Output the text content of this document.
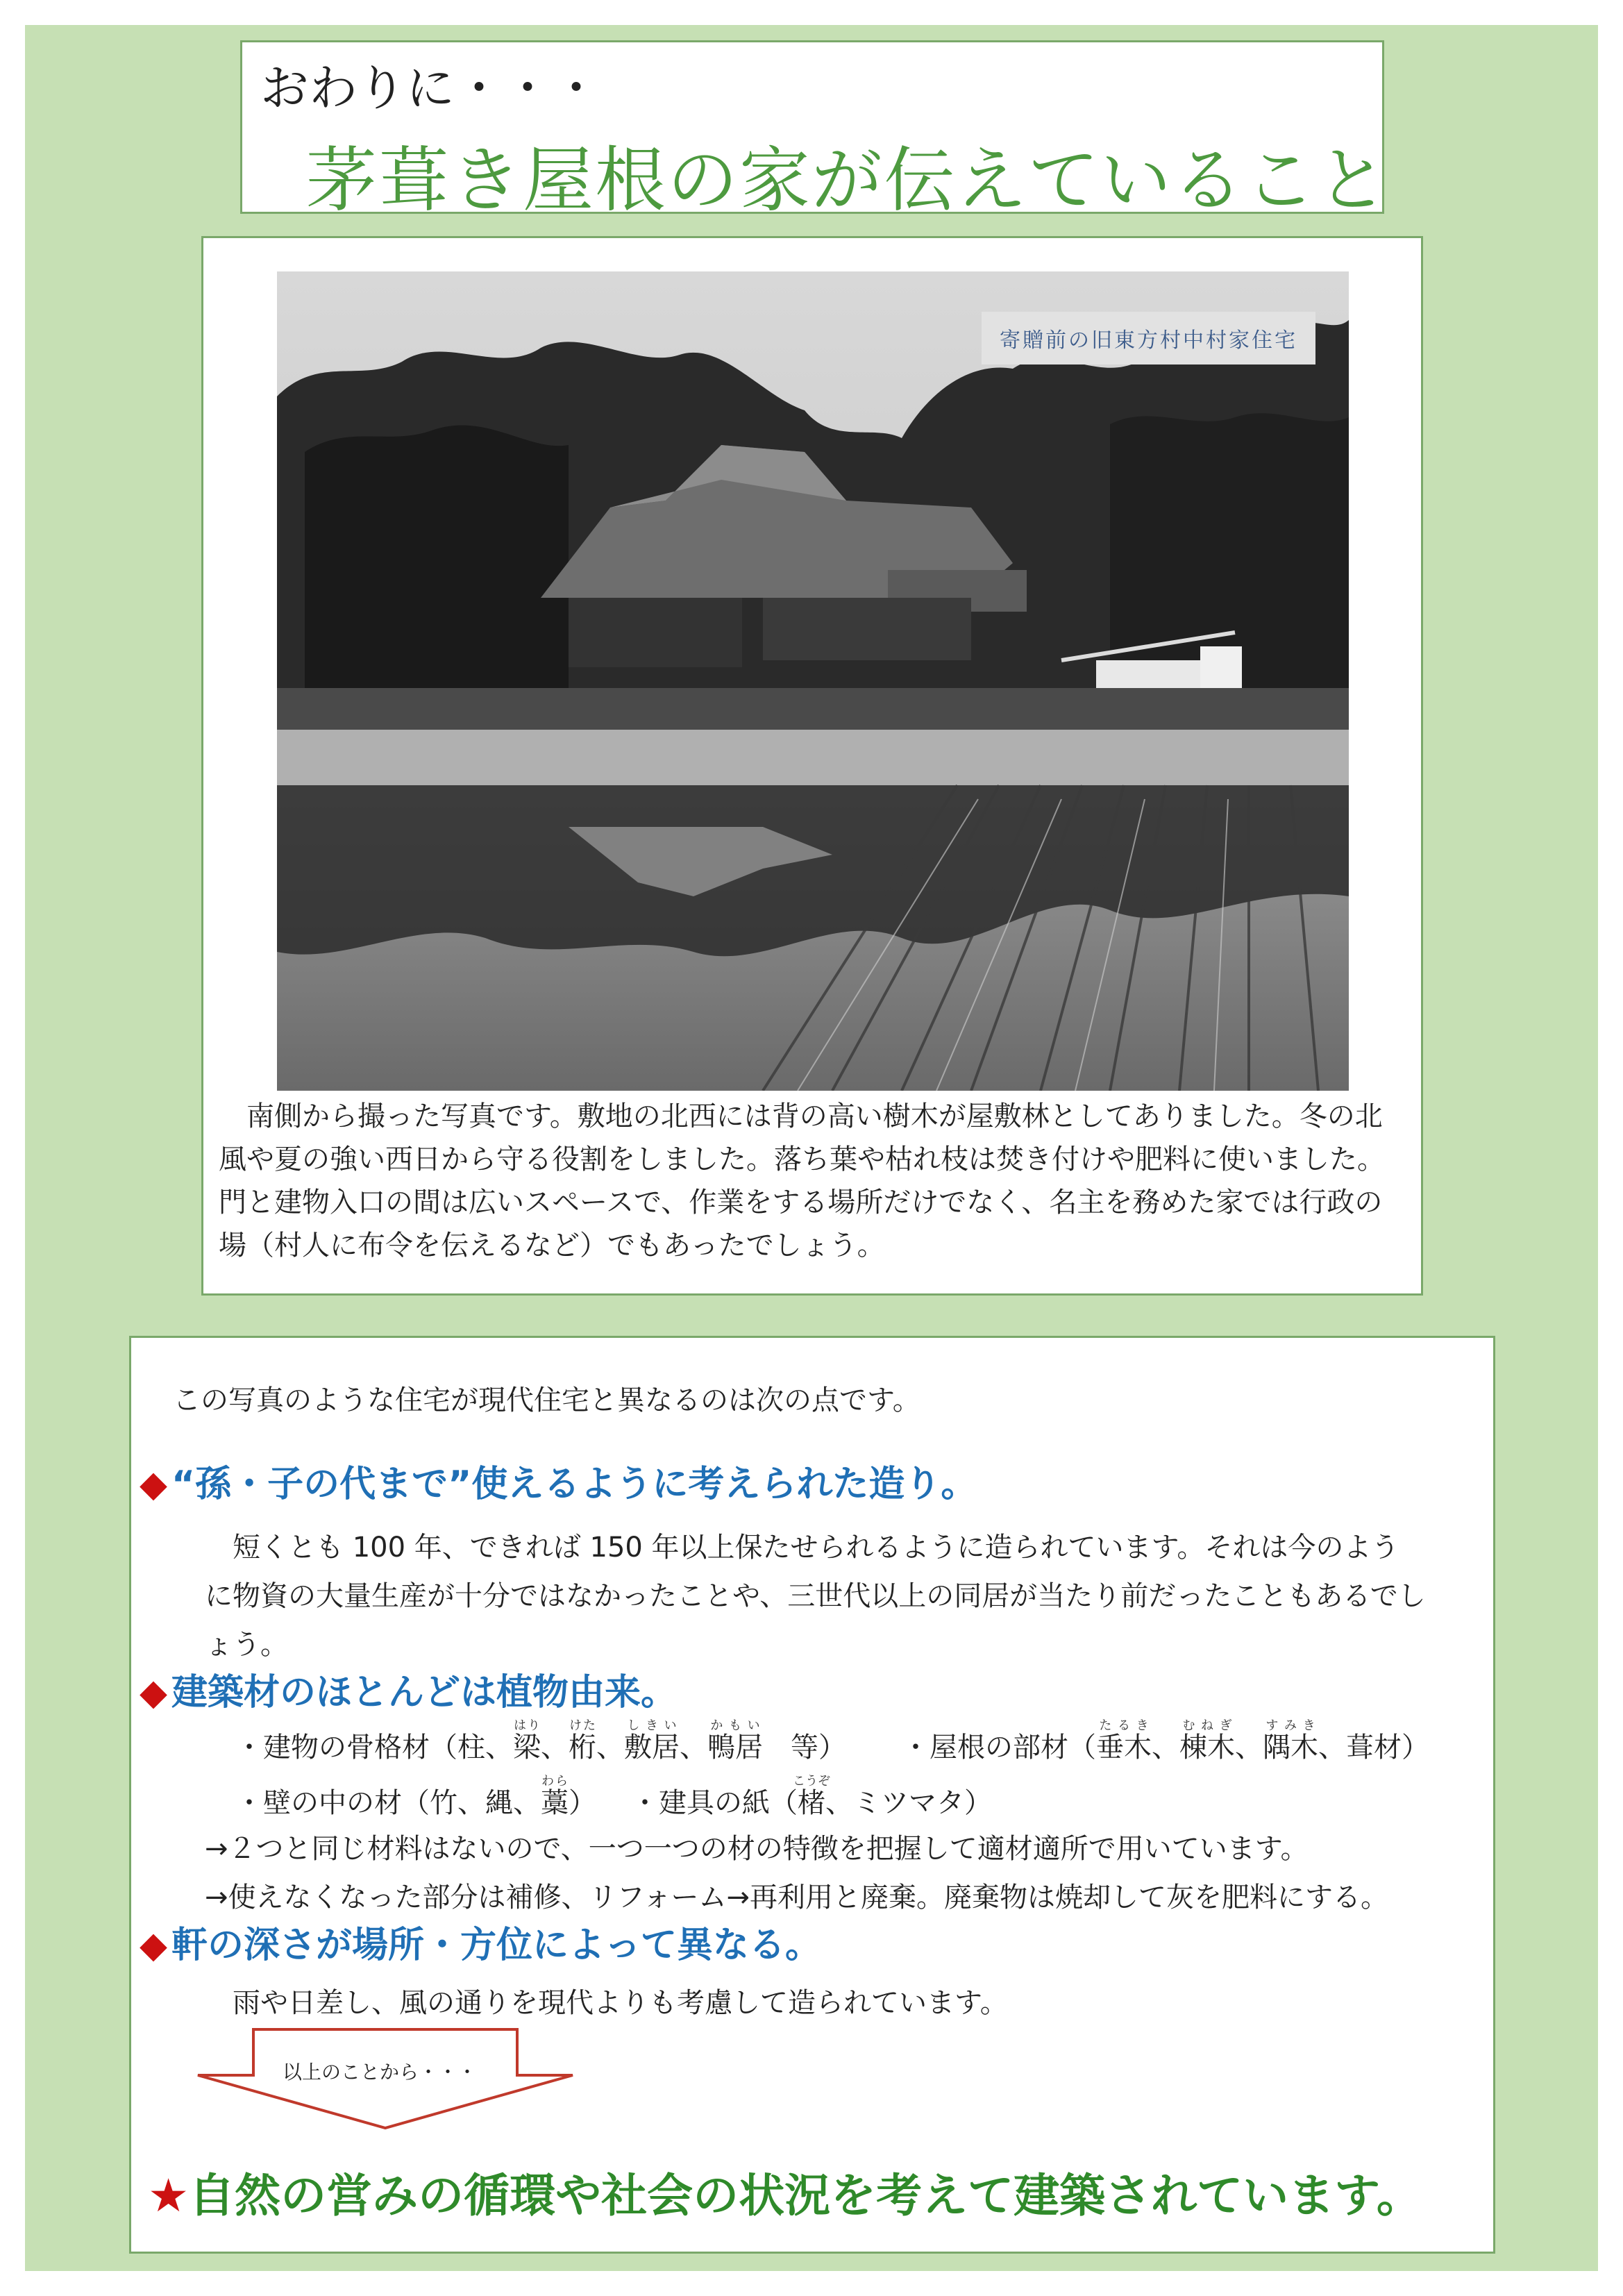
おわりに・・・
茅葺き屋根の家が伝えていること
寄贈前の旧東方村中村家住宅
南側から撮った写真です。敷地の北西には背の高い樹木が屋敷林としてありました。冬の北風や夏の強い西日から守る役割をしました。落ち葉や枯れ枝は焚き付けや肥料に使いました。門と建物入口の間は広いスペースで、作業をする場所だけでなく、名主を務めた家では行政の場（村人に布令を伝えるなど）でもあったでしょう。
この写真のような住宅が現代住宅と異なるのは次の点です。
◆ “孫・子の代まで”使えるように考えられた造り。
短くとも 100 年、できれば 150 年以上保たせられるように造られています。それは今のよう
に物資の大量生産が十分ではなかったことや、三世代以上の同居が当たり前だったこともあるでし
ょう。
◆ 建築材のほとんどは植物由来。
・建物の骨格材（柱、梁はり、桁けた、敷居しきい、鴨居かもい　等） ・屋根の部材（垂木たるき、棟木むねぎ、隅木すみき、葺材）
・壁の中の材（竹、縄、藁わら） ・建具の紙（楮こうぞ、ミツマタ）
→２つと同じ材料はないので、一つ一つの材の特徴を把握して適材適所で用いています。
→使えなくなった部分は補修、リフォーム→再利用と廃棄。廃棄物は焼却して灰を肥料にする。
◆ 軒の深さが場所・方位によって異なる。
雨や日差し、風の通りを現代よりも考慮して造られています。
以上のことから・・・
★自然の営みの循環や社会の状況を考えて建築されています。
